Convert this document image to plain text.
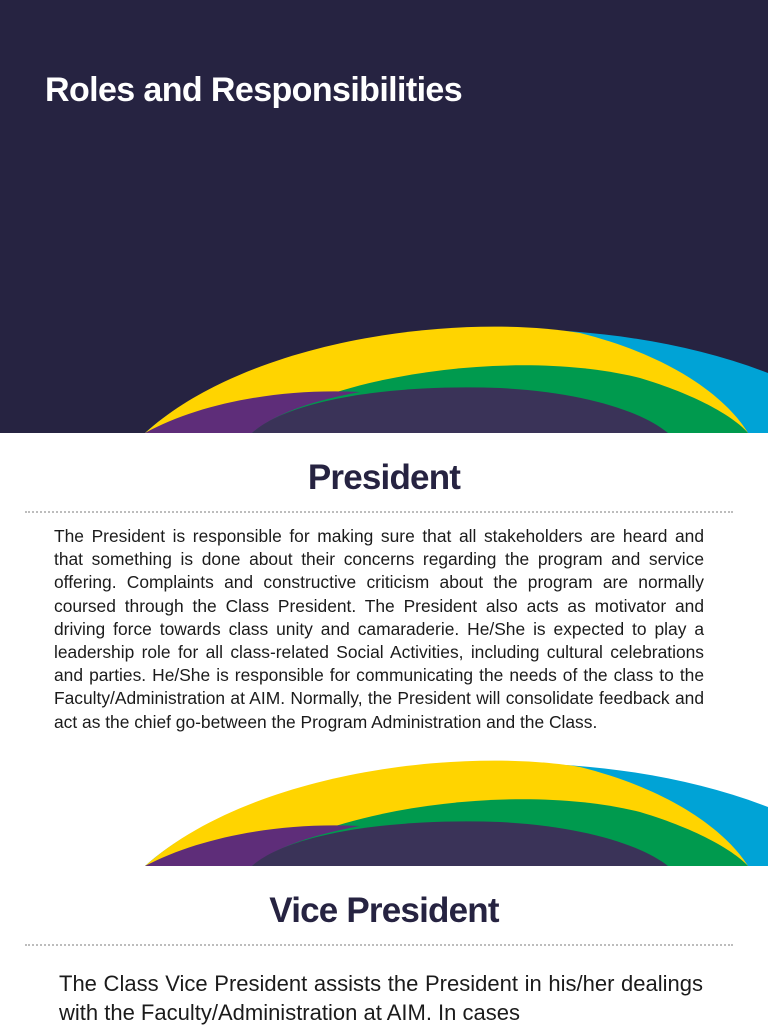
Roles and Responsibilities
President

The President is responsible for making sure that all stakeholders are heard and that something is done about their concerns regarding the program and service offering. Complaints and constructive criticism about the program are normally coursed through the Class President. The President also acts as motivator and driving force towards class unity and camaraderie. He/She is expected to play a leadership role for all class-related Social Activities, including cultural celebrations and parties. He/She is responsible for communicating the needs of the class to the Faculty/Administration at AIM. Normally, the President will consolidate feedback and act as the chief go-between the Program Administration and the Class.

Vice President

The Class Vice President assists the President in his/her dealings with the Faculty/Administration at AIM. In cases
